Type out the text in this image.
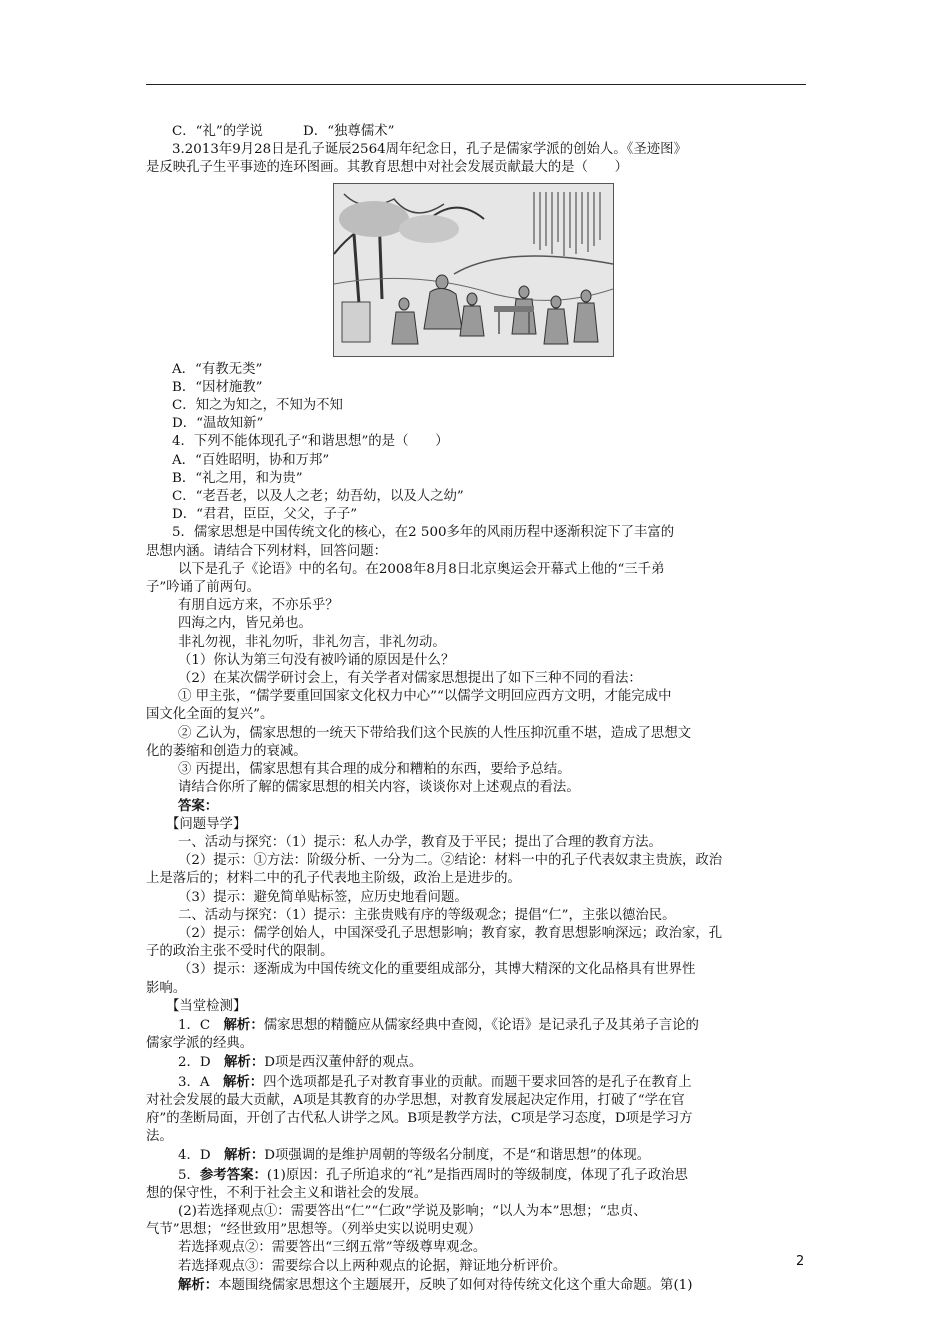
C．“礼”的学说　　　D．“独尊儒术”

3.2013年9月28日是孔子诞辰2564周年纪念日，孔子是儒家学派的创始人。《圣迹图》

是反映孔子生平事迹的连环图画。其教育思想中对社会发展贡献最大的是（　　）

A．“有教无类”

B．“因材施教”

C．知之为知之，不知为不知

D．“温故知新”

4．下列不能体现孔子“和谐思想”的是（　　）

A．“百姓昭明，协和万邦”

B．“礼之用，和为贵”

C．“老吾老，以及人之老；幼吾幼，以及人之幼”

D．“君君，臣臣，父父，子子”

5．儒家思想是中国传统文化的核心，在2 500多年的风雨历程中逐渐积淀下了丰富的

思想内涵。请结合下列材料，回答问题：

以下是孔子《论语》中的名句。在2008年8月8日北京奥运会开幕式上他的“三千弟

子”吟诵了前两句。

有朋自远方来，不亦乐乎？

四海之内，皆兄弟也。

非礼勿视，非礼勿听，非礼勿言，非礼勿动。

（1）你认为第三句没有被吟诵的原因是什么？

（2）在某次儒学研讨会上，有关学者对儒家思想提出了如下三种不同的看法：

① 甲主张，“儒学要重回国家文化权力中心”“以儒学文明回应西方文明，才能完成中

国文化全面的复兴”。

② 乙认为，儒家思想的一统天下带给我们这个民族的人性压抑沉重不堪，造成了思想文

化的萎缩和创造力的衰减。

③ 丙提出，儒家思想有其合理的成分和糟粕的东西，要给予总结。

请结合你所了解的儒家思想的相关内容，谈谈你对上述观点的看法。

答案：

【问题导学】

一、活动与探究：（1）提示：私人办学，教育及于平民；提出了合理的教育方法。

（2）提示：①方法：阶级分析、一分为二。②结论：材料一中的孔子代表奴隶主贵族，政治

上是落后的；材料二中的孔子代表地主阶级，政治上是进步的。

（3）提示：避免简单贴标签，应历史地看问题。

二、活动与探究：（1）提示：主张贵贱有序的等级观念；提倡“仁”，主张以德治民。

（2）提示：儒学创始人，中国深受孔子思想影响；教育家，教育思想影响深远；政治家，孔

子的政治主张不受时代的限制。

（3）提示：逐渐成为中国传统文化的重要组成部分，其博大精深的文化品格具有世界性

影响。

【当堂检测】

1．C　解析：儒家思想的精髓应从儒家经典中查阅，《论语》是记录孔子及其弟子言论的

儒家学派的经典。

2．D　解析：D项是西汉董仲舒的观点。

3．A　解析：四个选项都是孔子对教育事业的贡献。而题干要求回答的是孔子在教育上

对社会发展的最大贡献，A项是其教育的办学思想，对教育发展起决定作用，打破了“学在官

府”的垄断局面，开创了古代私人讲学之风。B项是教学方法，C项是学习态度，D项是学习方

法。

4．D　解析：D项强调的是维护周朝的等级名分制度，不是“和谐思想”的体现。

5．参考答案：(1)原因：孔子所追求的“礼”是指西周时的等级制度，体现了孔子政治思

想的保守性，不利于社会主义和谐社会的发展。

(2)若选择观点①：需要答出“仁”“仁政”学说及影响；“以人为本”思想；“忠贞、

气节”思想；“经世致用”思想等。（列举史实以说明史观）

若选择观点②：需要答出“三纲五常”等级尊卑观念。

若选择观点③：需要综合以上两种观点的论据，辩证地分析评价。

解析：本题围绕儒家思想这个主题展开，反映了如何对待传统文化这个重大命题。第(1)

2
